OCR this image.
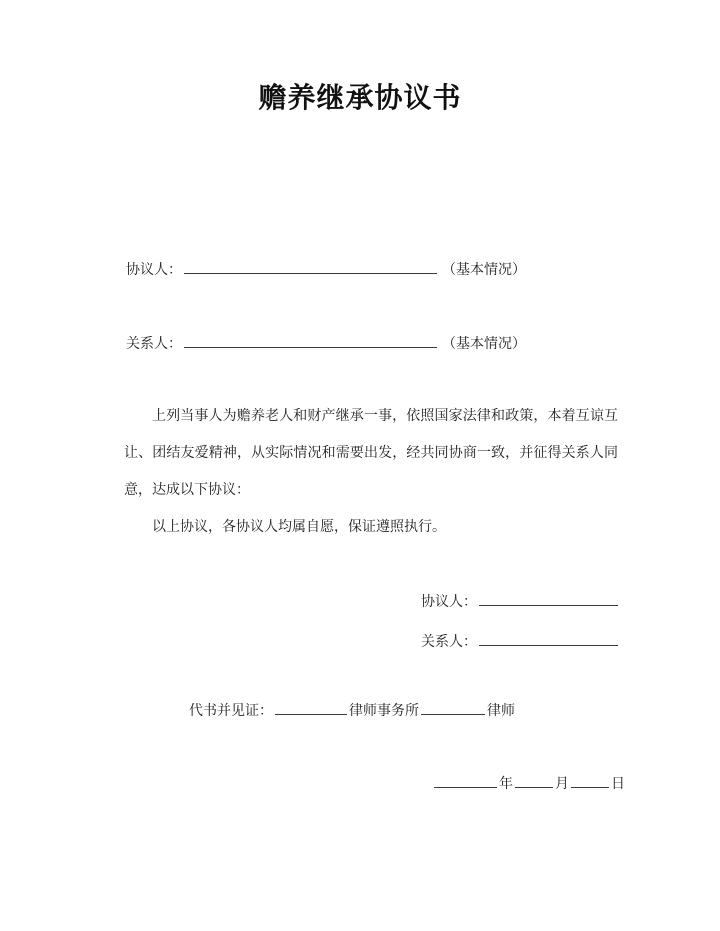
赡养继承协议书
协议人：	（基本情况）
关系人：	（基本情况）

上列当事人为赡养老人和财产继承一事，依照国家法律和政策，本着互谅互让、团结友爱精神，从实际情况和需要出发，经共同协商一致，并征得关系人同意，达成以下协议：

以上协议，各协议人均属自愿，保证遵照执行。
协议人：
关系人：
代书并见证：	律师事务所	律师
年	月	日
